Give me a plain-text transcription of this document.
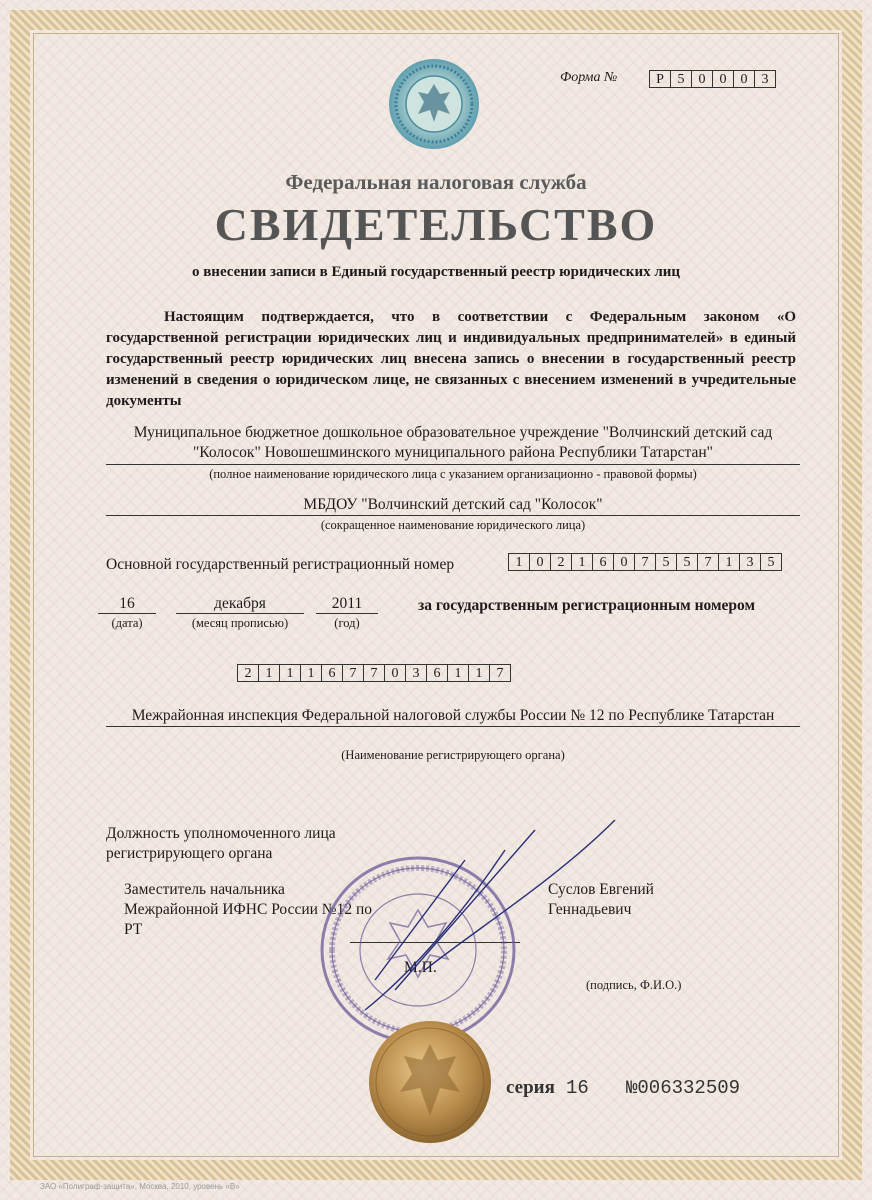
Форма №	Р 5	0	0	0	3
Федеральная налоговая служба
СВИДЕТЕЛЬСТВО
о внесении записи в Единый государственный реестр юридических лиц
Настоящим подтверждается, что в соответствии с Федеральным законом «О государственной регистрации юридических лиц и индивидуальных предпринимателей» в единый государственный реестр юридических лиц внесена запись о внесении в государственный реестр изменений в сведения о юридическом лице, не связанных с внесением изменений в учредительные документы
Муниципальное бюджетное дошкольное образовательное учреждение "Волчинский детский сад "Колосок" Новошешминского муниципального района Республики Татарстан"
(полное наименование юридического лица с указанием организационно - правовой формы)
МБДОУ "Волчинский детский сад "Колосок"
(сокращенное наименование юридического лица)
Основной государственный регистрационный номер	1	0	2	1	6	0	7	5	5	7	1	3	5
16
(дата)
декабря
(месяц прописью)
2011
(год)
за государственным регистрационным номером
2	1	1	1	6	7	7	0	3	6	1	1	7
Межрайонная инспекция Федеральной налоговой службы России № 12 по Республике Татарстан
(Наименование регистрирующего органа)
Должность уполномоченного лица регистрирующего органа
Заместитель начальника Межрайонной ИФНС России №12 по РТ
Суслов Евгений Геннадьевич
(подпись, Ф.И.О.)
М.П.
серия 16 №006332509
ЗАО «Полиграф-защита», Москва, 2010, уровень «В»
